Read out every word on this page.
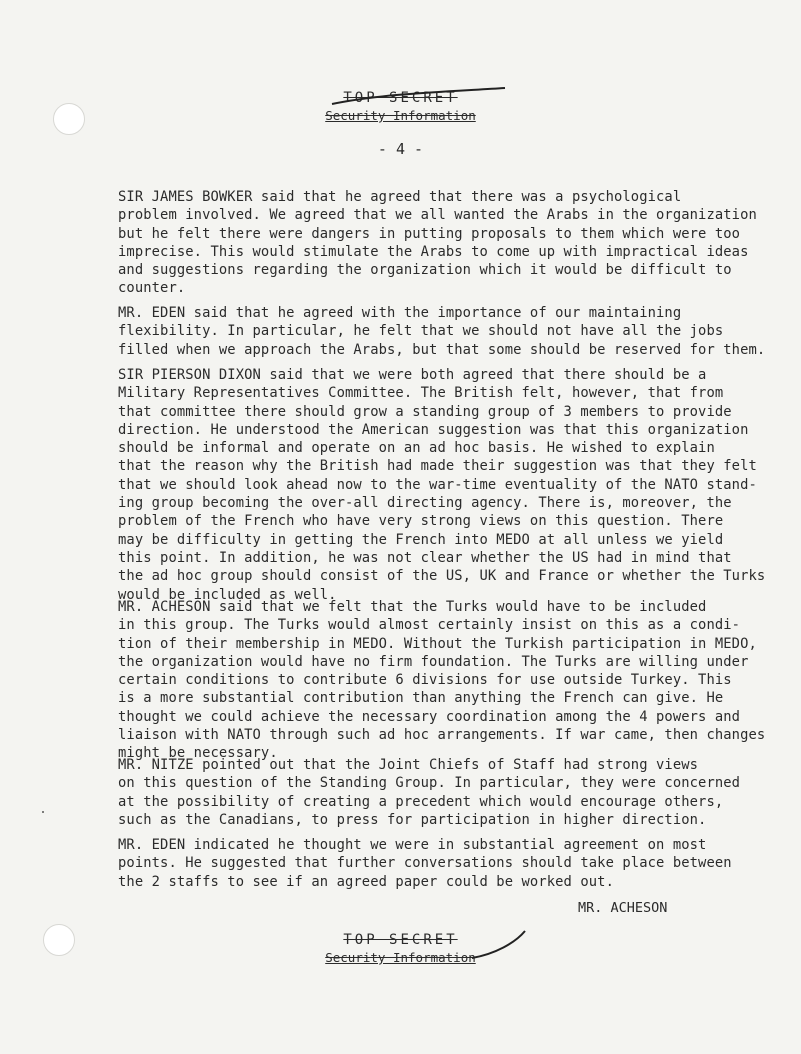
TOP SECRET
Security Information
- 4 -

SIR JAMES BOWKER said that he agreed that there was a psychological
problem involved. We agreed that we all wanted the Arabs in the organization
but he felt there were dangers in putting proposals to them which were too
imprecise. This would stimulate the Arabs to come up with impractical ideas
and suggestions regarding the organization which it would be difficult to
counter.

MR. EDEN said that he agreed with the importance of our maintaining
flexibility. In particular, he felt that we should not have all the jobs
filled when we approach the Arabs, but that some should be reserved for them.

SIR PIERSON DIXON said that we were both agreed that there should be a
Military Representatives Committee. The British felt, however, that from
that committee there should grow a standing group of 3 members to provide
direction. He understood the American suggestion was that this organization
should be informal and operate on an ad hoc basis. He wished to explain
that the reason why the British had made their suggestion was that they felt
that we should look ahead now to the war-time eventuality of the NATO stand-
ing group becoming the over-all directing agency. There is, moreover, the
problem of the French who have very strong views on this question. There
may be difficulty in getting the French into MEDO at all unless we yield
this point. In addition, he was not clear whether the US had in mind that
the ad hoc group should consist of the US, UK and France or whether the Turks
would be included as well.

MR. ACHESON said that we felt that the Turks would have to be included
in this group. The Turks would almost certainly insist on this as a condi-
tion of their membership in MEDO. Without the Turkish participation in MEDO,
the organization would have no firm foundation. The Turks are willing under
certain conditions to contribute 6 divisions for use outside Turkey. This
is a more substantial contribution than anything the French can give. He
thought we could achieve the necessary coordination among the 4 powers and
liaison with NATO through such ad hoc arrangements. If war came, then changes
might be necessary.

MR. NITZE pointed out that the Joint Chiefs of Staff had strong views
on this question of the Standing Group. In particular, they were concerned
at the possibility of creating a precedent which would encourage others,
such as the Canadians, to press for participation in higher direction.

MR. EDEN indicated he thought we were in substantial agreement on most
points. He suggested that further conversations should take place between
the 2 staffs to see if an agreed paper could be worked out.

MR. ACHESON
TOP SECRET
Security Information
